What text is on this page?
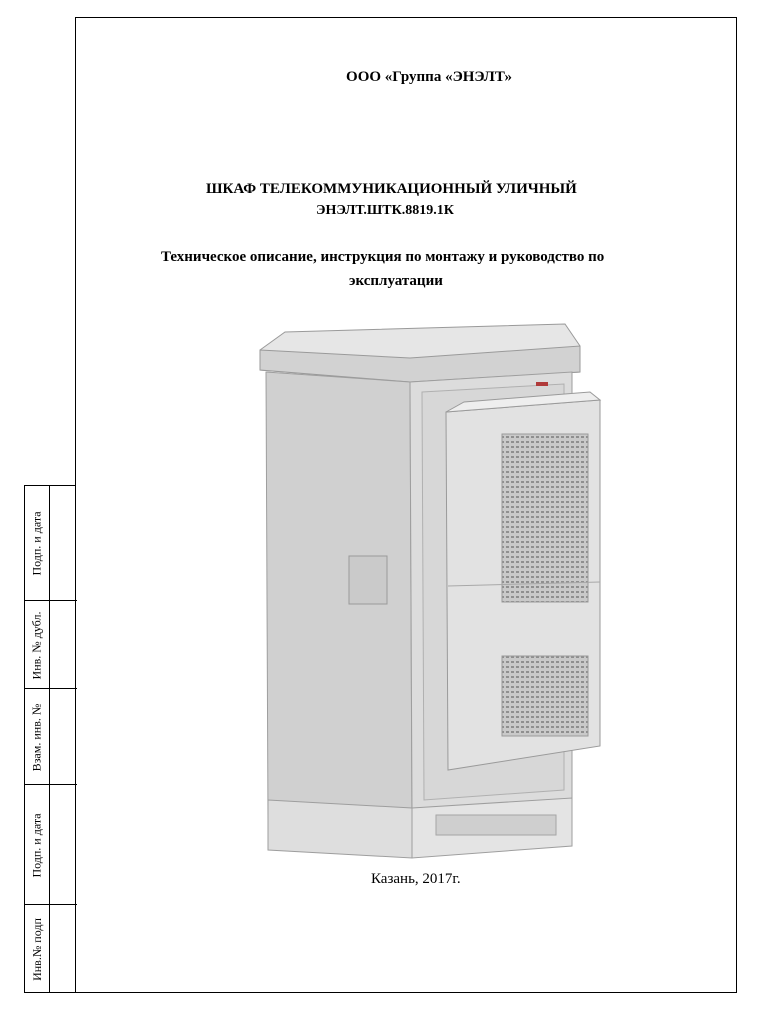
Подп. и дата
Инв. № дубл.
Взам. инв. №
Подп. и дата
Инв.№ подп
ООО «Группа «ЭНЭЛТ»
ШКАФ ТЕЛЕКОММУНИКАЦИОННЫЙ УЛИЧНЫЙ
ЭНЭЛТ.ШТК.8819.1К
Техническое описание, инструкция по монтажу и руководство по
эксплуатации
Казань, 2017г.
